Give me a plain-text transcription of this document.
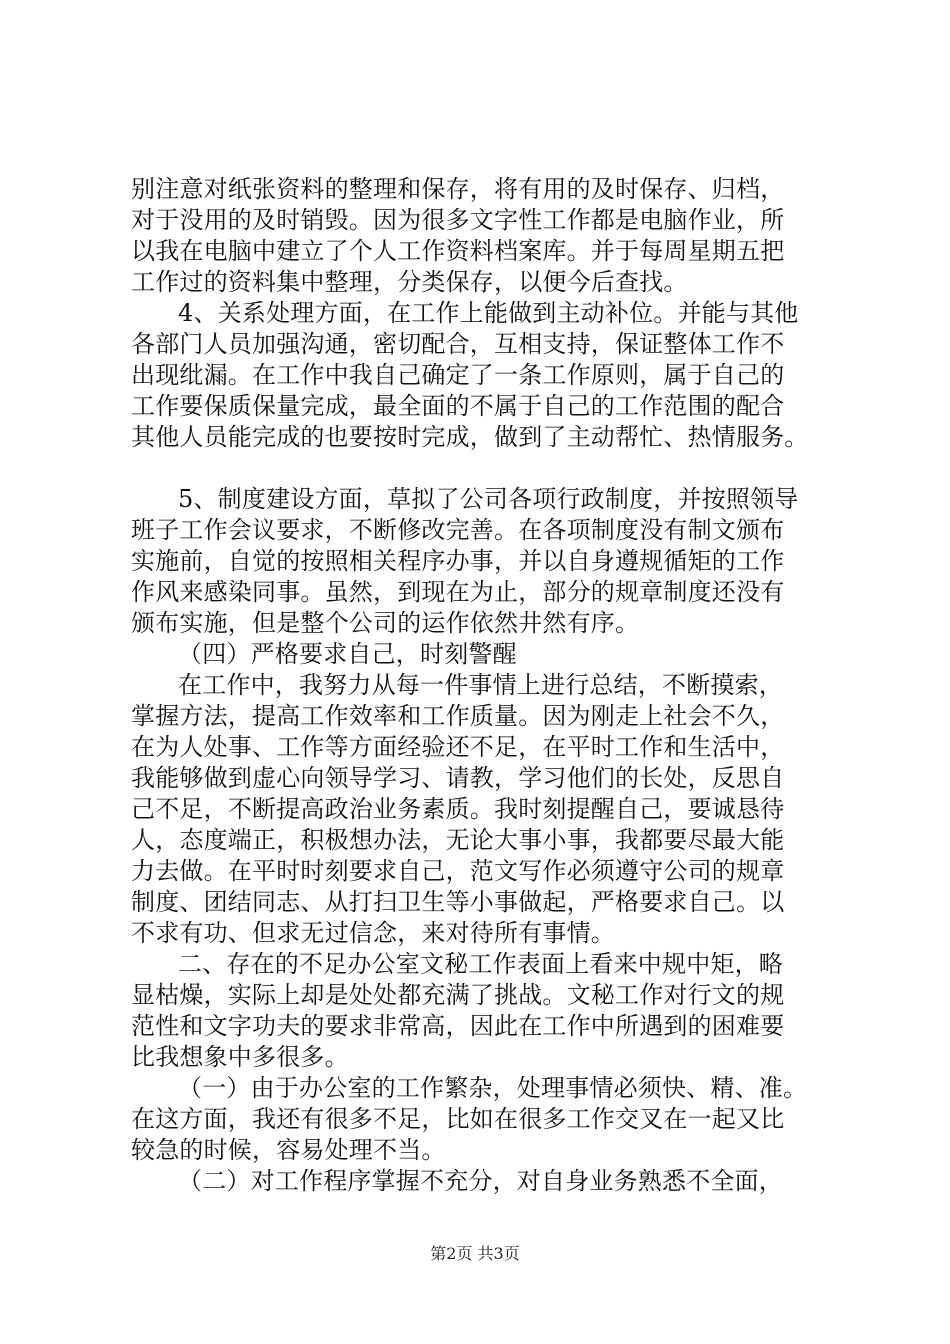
别注意对纸张资料的整理和保存，将有用的及时保存、归档，
对于没用的及时销毁。因为很多文字性工作都是电脑作业，所
以我在电脑中建立了个人工作资料档案库。并于每周星期五把
工作过的资料集中整理，分类保存，以便今后查找。
4、关系处理方面，在工作上能做到主动补位。并能与其他
各部门人员加强沟通，密切配合，互相支持，保证整体工作不
出现纰漏。在工作中我自己确定了一条工作原则，属于自己的
工作要保质保量完成，最全面的不属于自己的工作范围的配合
其他人员能完成的也要按时完成，做到了主动帮忙、热情服务。
5、制度建设方面，草拟了公司各项行政制度，并按照领导
班子工作会议要求，不断修改完善。在各项制度没有制文颁布
实施前，自觉的按照相关程序办事，并以自身遵规循矩的工作
作风来感染同事。虽然，到现在为止，部分的规章制度还没有
颁布实施，但是整个公司的运作依然井然有序。
（四）严格要求自己，时刻警醒
在工作中，我努力从每一件事情上进行总结，不断摸索，
掌握方法，提高工作效率和工作质量。因为刚走上社会不久，
在为人处事、工作等方面经验还不足，在平时工作和生活中，
我能够做到虚心向领导学习、请教，学习他们的长处，反思自
己不足，不断提高政治业务素质。我时刻提醒自己，要诚恳待
人，态度端正，积极想办法，无论大事小事，我都要尽最大能
力去做。在平时时刻要求自己，范文写作必须遵守公司的规章
制度、团结同志、从打扫卫生等小事做起，严格要求自己。以
不求有功、但求无过信念，来对待所有事情。
二、存在的不足办公室文秘工作表面上看来中规中矩，略
显枯燥，实际上却是处处都充满了挑战。文秘工作对行文的规
范性和文字功夫的要求非常高，因此在工作中所遇到的困难要
比我想象中多很多。
（一）由于办公室的工作繁杂，处理事情必须快、精、准。
在这方面，我还有很多不足，比如在很多工作交叉在一起又比
较急的时候，容易处理不当。
（二）对工作程序掌握不充分，对自身业务熟悉不全面，
第2页 共3页
